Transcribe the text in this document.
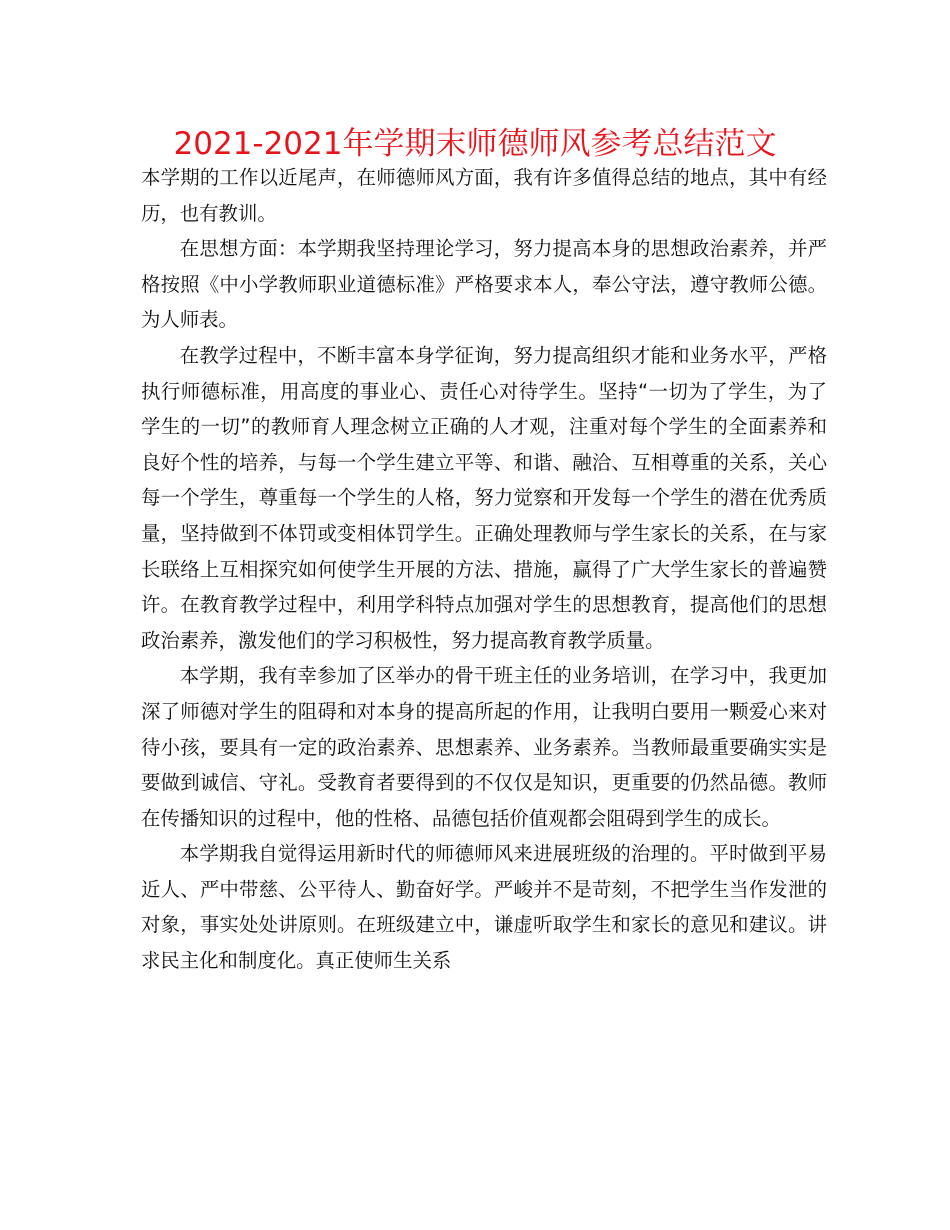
2021-2021年学期末师德师风参考总结范文

本学期的工作以近尾声，在师德师风方面，我有许多值得总结的地点，其中有经历，也有教训。

在思想方面：本学期我坚持理论学习，努力提高本身的思想政治素养，并严格按照《中小学教师职业道德标准》严格要求本人，奉公守法，遵守教师公德。为人师表。

在教学过程中，不断丰富本身学征询，努力提高组织才能和业务水平，严格执行师德标准，用高度的事业心、责任心对待学生。坚持“一切为了学生，为了学生的一切”的教师育人理念树立正确的人才观，注重对每个学生的全面素养和良好个性的培养，与每一个学生建立平等、和谐、融洽、互相尊重的关系，关心每一个学生，尊重每一个学生的人格，努力觉察和开发每一个学生的潜在优秀质量，坚持做到不体罚或变相体罚学生。正确处理教师与学生家长的关系，在与家长联络上互相探究如何使学生开展的方法、措施，赢得了广大学生家长的普遍赞许。在教育教学过程中，利用学科特点加强对学生的思想教育，提高他们的思想政治素养，激发他们的学习积极性，努力提高教育教学质量。

本学期，我有幸参加了区举办的骨干班主任的业务培训，在学习中，我更加深了师德对学生的阻碍和对本身的提高所起的作用，让我明白要用一颗爱心来对待小孩，要具有一定的政治素养、思想素养、业务素养。当教师最重要确实实是要做到诚信、守礼。受教育者要得到的不仅仅是知识，更重要的仍然品德。教师在传播知识的过程中，他的性格、品德包括价值观都会阻碍到学生的成长。

本学期我自觉得运用新时代的师德师风来进展班级的治理的。平时做到平易近人、严中带慈、公平待人、勤奋好学。严峻并不是苛刻，不把学生当作发泄的对象，事实处处讲原则。在班级建立中，谦虚听取学生和家长的意见和建议。讲求民主化和制度化。真正使师生关系
